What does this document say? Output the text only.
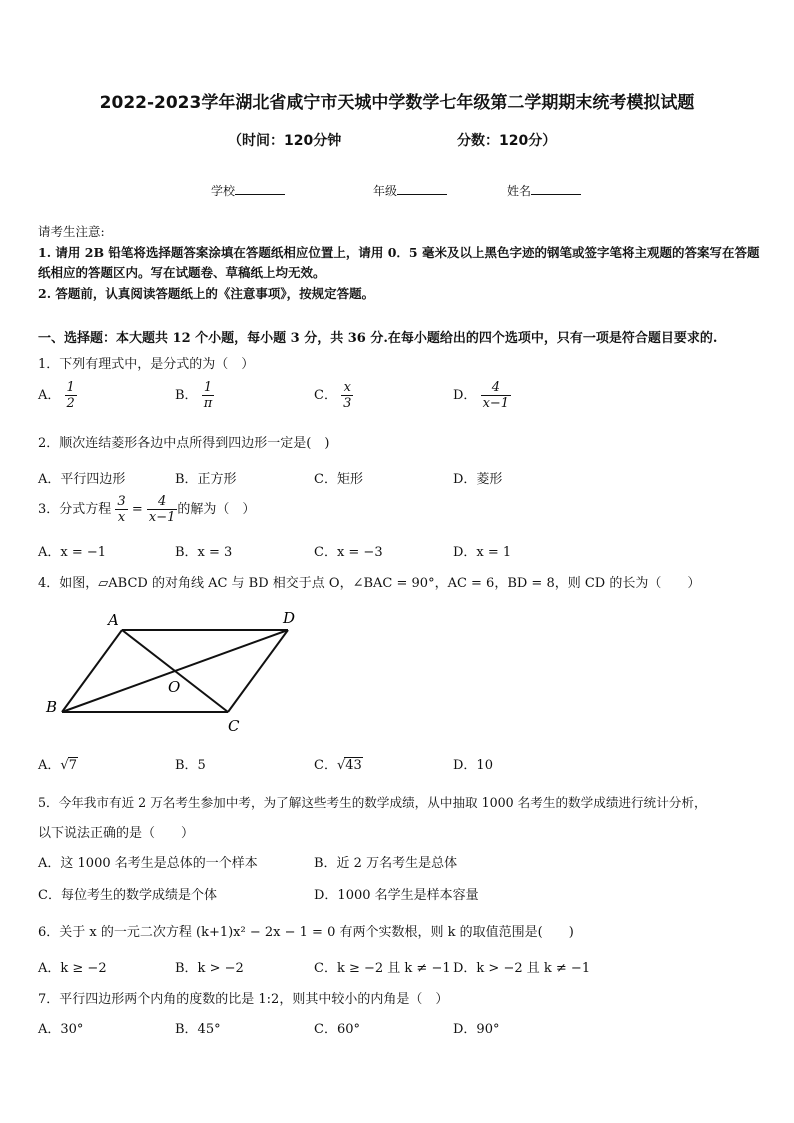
2022-2023学年湖北省咸宁市天城中学数学七年级第二学期期末统考模拟试题
（时间：120分钟	分数：120分）
学校	年级	姓名
请考生注意:
1. 请用 2B 铅笔将选择题答案涂填在答题纸相应位置上，请用 0．5 毫米及以上黑色字迹的钢笔或签字笔将主观题的答案写在答题纸相应的答题区内。写在试题卷、草稿纸上均无效。
2. 答题前，认真阅读答题纸上的《注意事项》，按规定答题。
一、选择题：本大题共 12 个小题，每小题 3 分，共 36 分.在每小题给出的四个选项中，只有一项是符合题目要求的.
1．下列有理式中，是分式的为（　）
A． $\frac{1}{2}$	B． $\frac{1}{\pi}$	C． $\frac{x}{3}$	D． $\frac{4}{x-1}$
2．顺次连结菱形各边中点所得到四边形一定是(　)
A．平行四边形	B．正方形	C．矩形	D．菱形
3．分式方程 $\frac{3}{x} = \frac{4}{x-1}$ 的解为（　）
A．x = −1	B．x = 3	C．x = −3	D．x = 1
4．如图，▱ABCD 的对角线 AC 与 BD 相交于点 O，∠BAC = 90°，AC = 6，BD = 8，则 CD 的长为（　　）
A	D
B
C
O
A．√7	B．5	C．√43	D．10
5．今年我市有近 2 万名考生参加中考，为了解这些考生的数学成绩，从中抽取 1000 名考生的数学成绩进行统计分析，
以下说法正确的是（　　）
A．这 1000 名考生是总体的一个样本	B．近 2 万名考生是总体
C．每位考生的数学成绩是个体	D．1000 名学生是样本容量
6．关于 x 的一元二次方程 (k+1)x² − 2x − 1 = 0 有两个实数根，则 k 的取值范围是(　　)
A．k ≥ −2	B．k > −2	C．k ≥ −2 且 k ≠ −1 D．k > −2 且 k ≠ −1
7．平行四边形两个内角的度数的比是 1:2，则其中较小的内角是（　）
A．30°	B．45°	C．60°	D．90°
